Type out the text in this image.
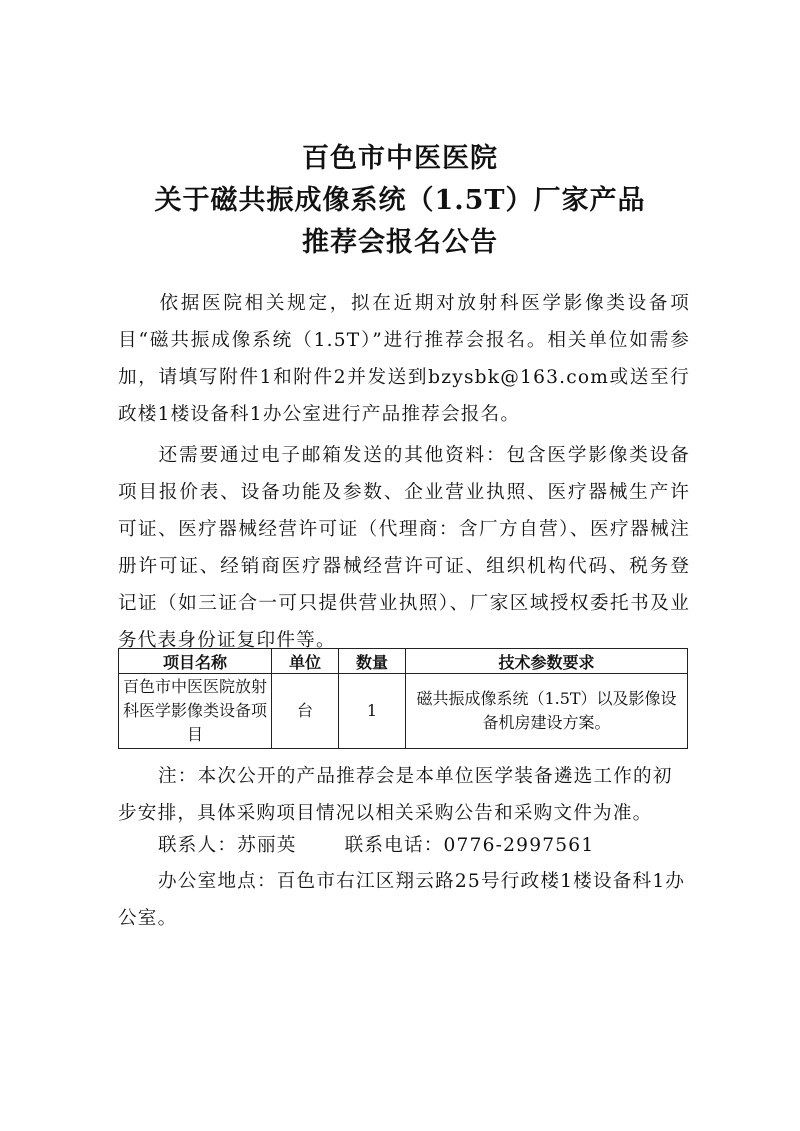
百色市中医医院
关于磁共振成像系统（1.5T）厂家产品
推荐会报名公告
依据医院相关规定，拟在近期对放射科医学影像类设备项目“磁共振成像系统（1.5T）”进行推荐会报名。相关单位如需参加，请填写附件1和附件2并发送到bzysbk@163.com或送至行政楼1楼设备科1办公室进行产品推荐会报名。
还需要通过电子邮箱发送的其他资料：包含医学影像类设备项目报价表、设备功能及参数、企业营业执照、医疗器械生产许可证、医疗器械经营许可证（代理商：含厂方自营）、医疗器械注册许可证、经销商医疗器械经营许可证、组织机构代码、税务登记证（如三证合一可只提供营业执照）、厂家区域授权委托书及业务代表身份证复印件等。
项目名称	单位	数量	技术参数要求
百色市中医医院放射科医学影像类设备项目	台	1	磁共振成像系统（1.5T）以及影像设备机房建设方案。
注：本次公开的产品推荐会是本单位医学装备遴选工作的初步安排，具体采购项目情况以相关采购公告和采购文件为准。
联系人：苏丽英	联系电话：0776-2997561
办公室地点：百色市右江区翔云路25号行政楼1楼设备科1办公室。
